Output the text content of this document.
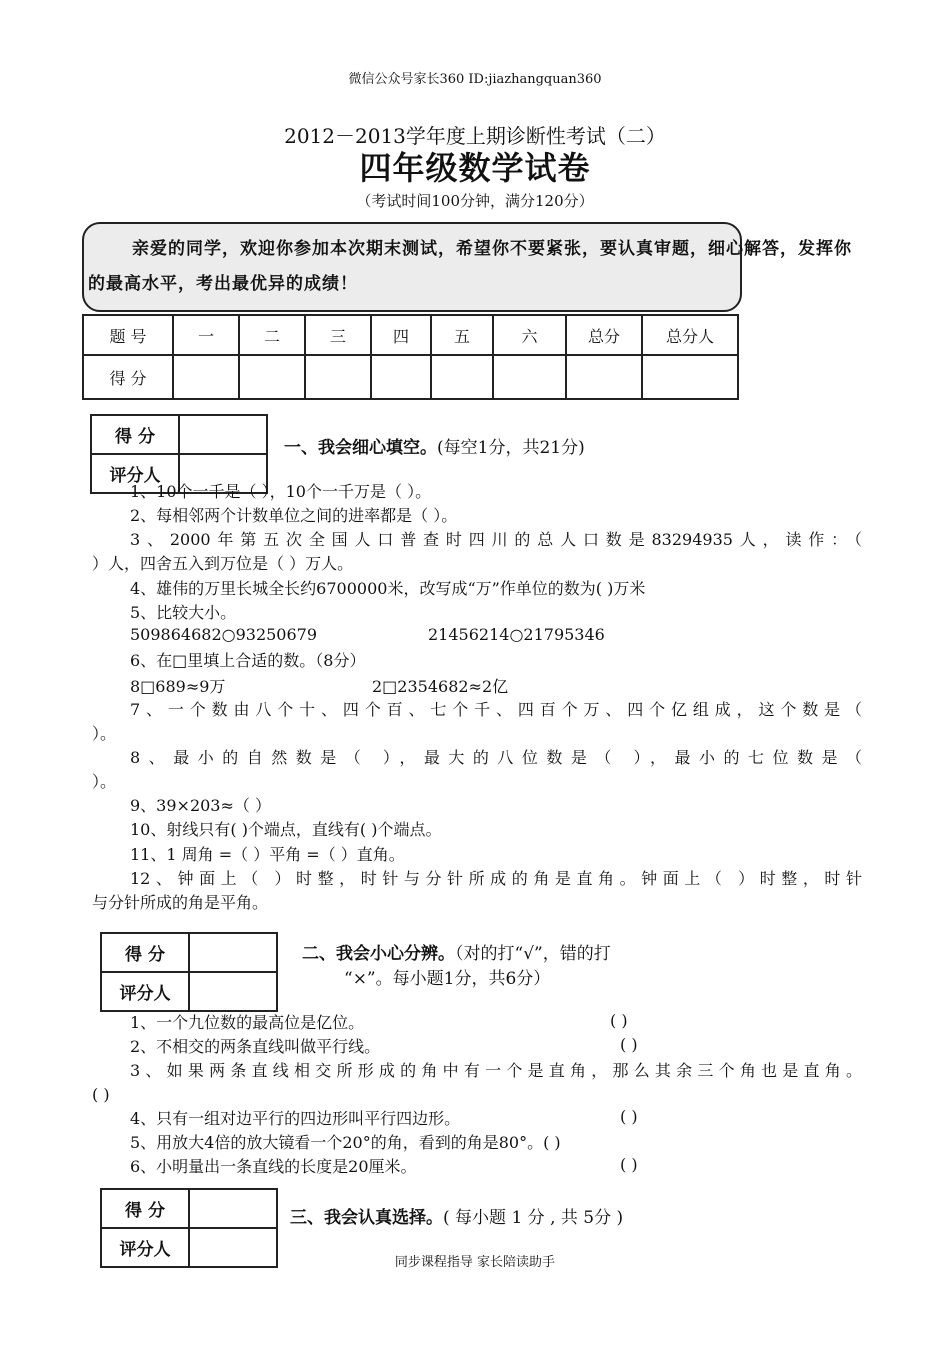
微信公众号家长360 ID:jiazhangquan360
2012－2013学年度上期诊断性考试（二）
四年级数学试卷
（考试时间100分钟，满分120分）
亲爱的同学，欢迎你参加本次期末测试，希望你不要紧张，要认真审题，细心解答，发挥你的最高水平，考出最优异的成绩！
题 号	一	二	三	四	五	六	总分	总分人
得 分								
得 分	
评分人	
一、我会细心填空。(每空1分，共21分)
1、10个一千是（ ），10个一千万是（ ）。
2、每相邻两个计数单位之间的进率都是（ ）。
3、2000年第五次全国人口普查时四川的总人口数是83294935人，读作：（
）人，四舍五入到万位是（ ）万人。
4、雄伟的万里长城全长约6700000米，改写成“万”作单位的数为( )万米
5、比较大小。
509864682○93250679	21456214○21795346
6、在□里填上合适的数。（8分）
8□689≈9万	2□2354682≈2亿
7、一个数由八个十、四个百、七个千、四百个万、四个亿组成，这个数是（
）。
8、最小的自然数是（ ），最大的八位数是（ ），最小的七位数是（
）。
9、39×203≈（ ）
10、射线只有( )个端点，直线有( )个端点。
11、1 周角 =（ ）平角 =（ ）直角。
12、钟面上（ ）时整，时针与分针所成的角是直角。钟面上（ ）时整，时针
与分针所成的角是平角。
得 分	
评分人	
二、我会小心分辨。（对的打“√”，错的打
“×”。每小题1分，共6分）
1、一个九位数的最高位是亿位。	( )
2、不相交的两条直线叫做平行线。	( )
3、如果两条直线相交所形成的角中有一个是直角，那么其余三个角也是直角。
( )
4、只有一组对边平行的四边形叫平行四边形。	( )
5、用放大4倍的放大镜看一个20°的角，看到的角是80°。( )
6、小明量出一条直线的长度是20厘米。	( )
得 分	
评分人	
三、我会认真选择。( 每小题 1 分 , 共 5分 )
同步课程指导 家长陪读助手
